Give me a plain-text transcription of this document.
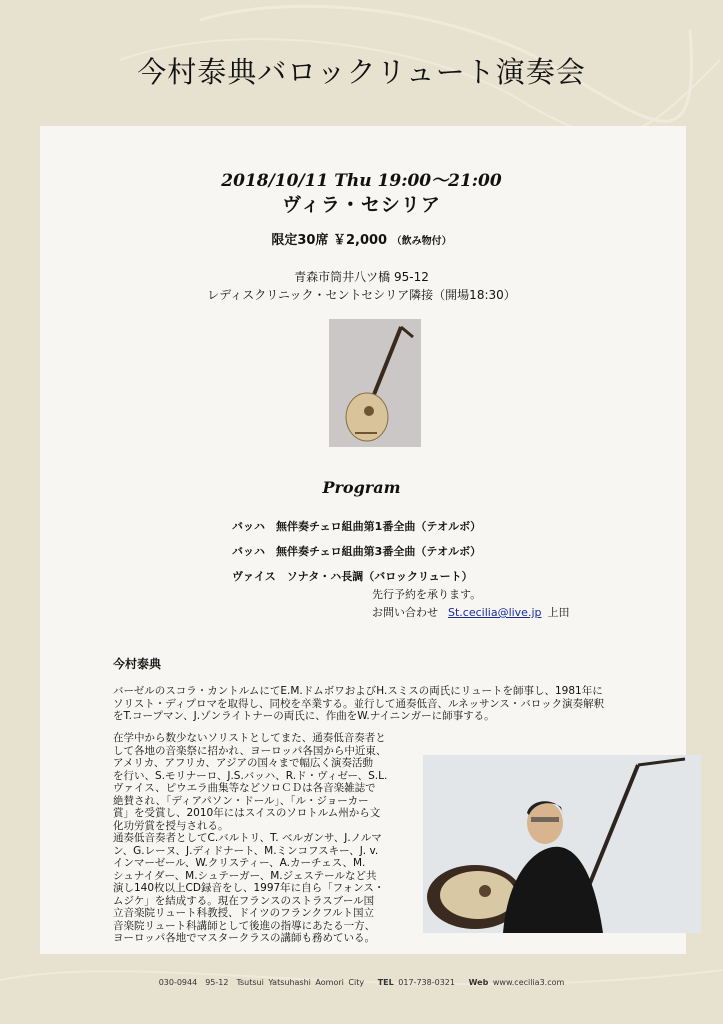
今村泰典バロックリュート演奏会
2018/10/11 Thu 19:00〜21:00
ヴィラ・セシリア
限定30席 ￥2,000 （飲み物付）
青森市筒井八ツ橋 95-12
レディスクリニック・セントセシリア隣接（開場18:30）
Program
バッハ　無伴奏チェロ組曲第1番全曲（テオルボ）
バッハ　無伴奏チェロ組曲第3番全曲（テオルボ）
ヴァイス　ソナタ・ハ長調（バロックリュート）
先行予約を承ります。
お問い合わせ St.cecilia@live.jp 上田
今村泰典
バーゼルのスコラ・カントルムにてE.M.ドムボワおよびH.スミスの両氏にリュートを師事し、1981年にソリスト・ディプロマを取得し、同校を卒業する。並行して通奏低音、ルネッサンス・バロック演奏解釈をT.コープマン、J.ゾンライトナーの両氏に、作曲をW.ナイニンガーに師事する。
在学中から数少ないソリストとしてまた、通奏低音奏者と
して各地の音楽祭に招かれ、ヨーロッパ各国から中近東、
アメリカ、アフリカ、アジアの国々まで幅広く演奏活動
を行い、S.モリナーロ、J.S.バッハ、R.ド・ヴィゼー、S.L.
ヴァイス、ピウエラ曲集等などソロＣＤは各音楽雑誌で
絶賛され、「ディアパソン・ドール」、「ル・ジョーカー
賞」を受賞し、2010年にはスイスのソロトルム州から文
化功労賞を授与される。
通奏低音奏者としてC.バルトリ、T. ベルガンサ、J.ノルマ
ン、G.レーヌ、J.ディドナート、M.ミンコフスキー、J. v.
インマーゼール、W.クリスティー、A.カーチェス、M.
シュナイダー、M.シュテーガー、M.ジェステールなど共
演し140枚以上CD録音をし、1997年に自ら「フォンス・
ムジケ」を結成する。現在フランスのストラスブール国
立音楽院リュート科教授、ドイツのフランクフルト国立
音楽院リュート科講師として後進の指導にあたる一方、
ヨーロッパ各地でマスタークラスの講師も務めている。
030-0944　95-12　Tsutsui Yatsuhashi Aomori City TEL 017-738-0321 Web www.cecilia3.com
